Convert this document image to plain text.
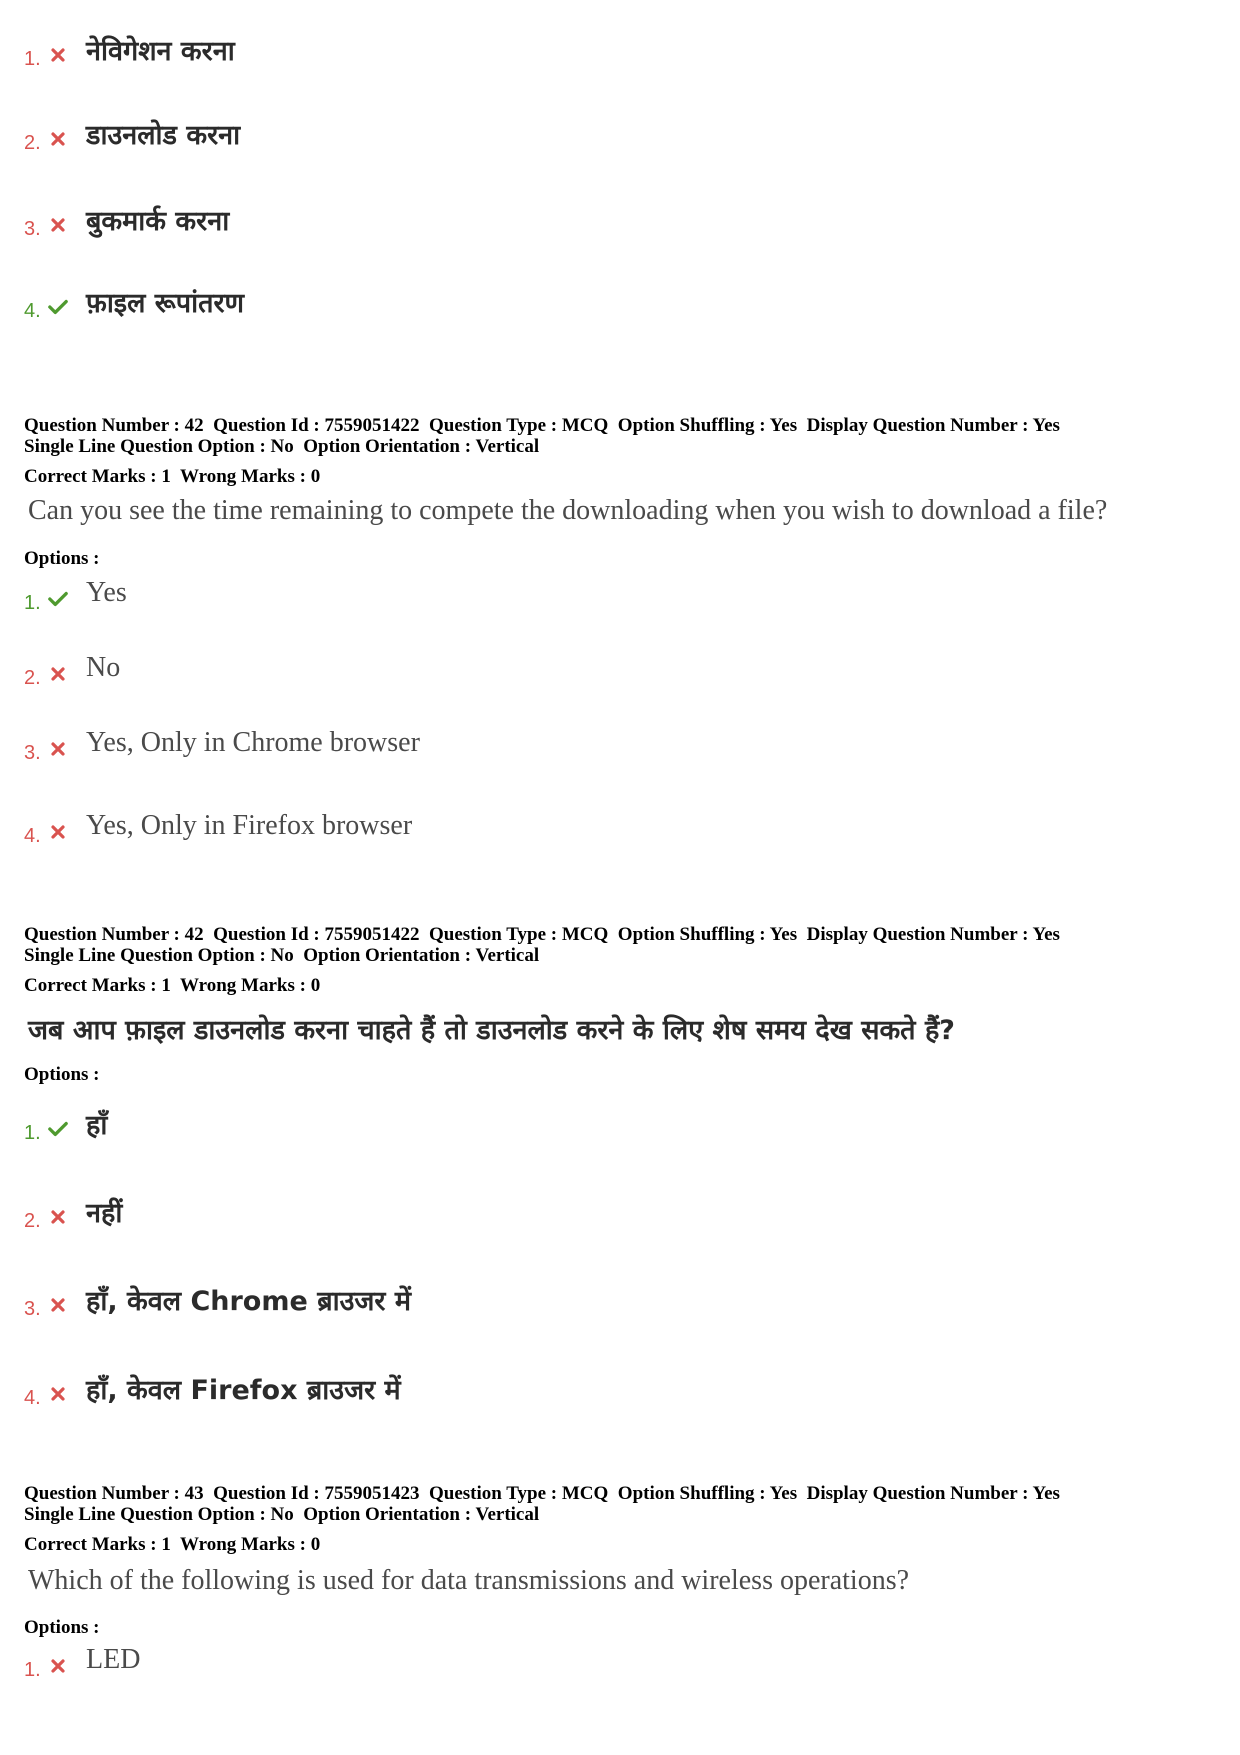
1. नेविगेशन करना
2. डाउनलोड करना
3. बुकमार्क करना
4. फ़ाइल रूपांतरण
Question Number : 42  Question Id : 7559051422  Question Type : MCQ  Option Shuffling : Yes  Display Question Number : Yes
Single Line Question Option : No  Option Orientation : Vertical
Correct Marks : 1  Wrong Marks : 0
Can you see the time remaining to compete the downloading when you wish to download a file?
Options :
1. Yes
2. No
3. Yes, Only in Chrome browser
4. Yes, Only in Firefox browser
Question Number : 42  Question Id : 7559051422  Question Type : MCQ  Option Shuffling : Yes  Display Question Number : Yes
Single Line Question Option : No  Option Orientation : Vertical
Correct Marks : 1  Wrong Marks : 0
जब आप फ़ाइल डाउनलोड करना चाहते हैं तो डाउनलोड करने के लिए शेष समय देख सकते हैं?
Options :
1. हाँ
2. नहीं
3. हाँ, केवल Chrome ब्राउजर में
4. हाँ, केवल Firefox ब्राउजर में
Question Number : 43  Question Id : 7559051423  Question Type : MCQ  Option Shuffling : Yes  Display Question Number : Yes
Single Line Question Option : No  Option Orientation : Vertical
Correct Marks : 1  Wrong Marks : 0
Which of the following is used for data transmissions and wireless operations?
Options :
1. LED
